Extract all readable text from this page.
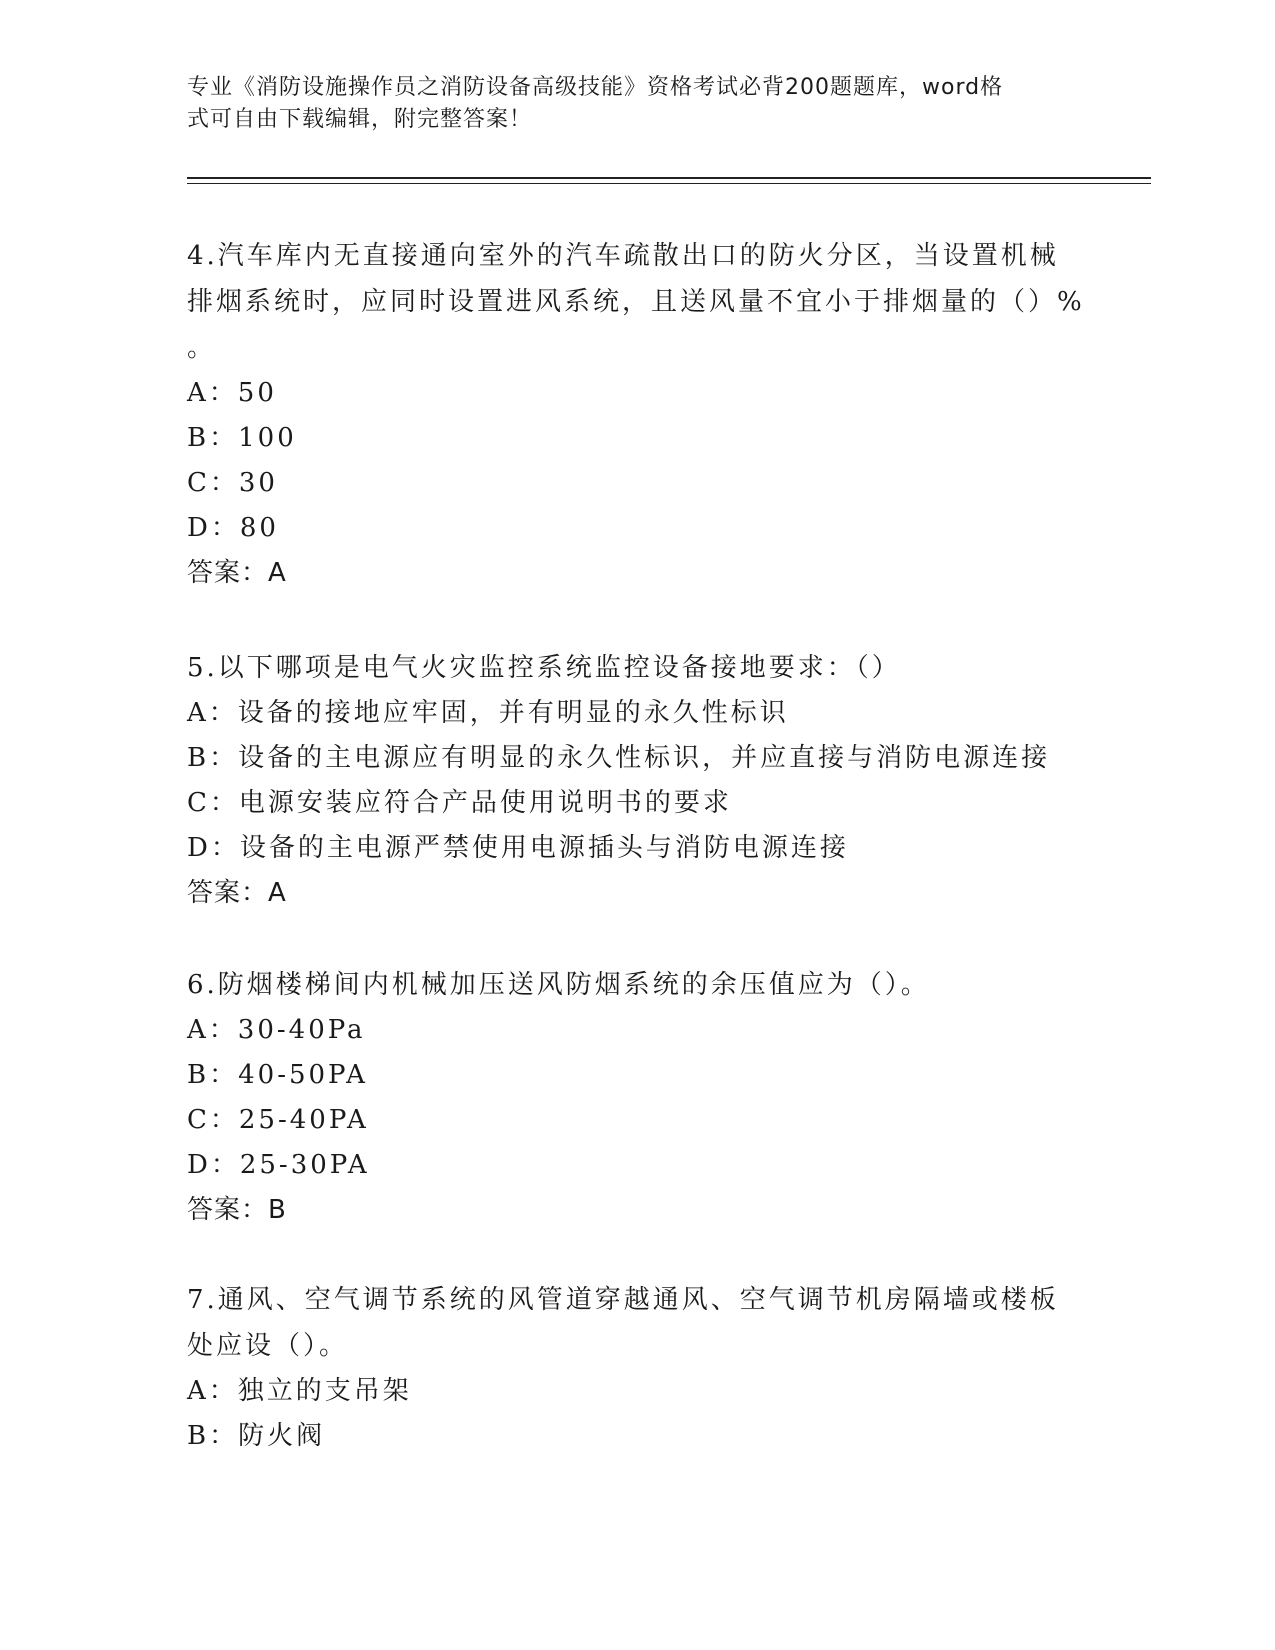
专业《消防设施操作员之消防设备高级技能》资格考试必背200题题库，word格
式可自由下载编辑，附完整答案！
4.汽车库内无直接通向室外的汽车疏散出口的防火分区，当设置机械
排烟系统时，应同时设置进风系统，且送风量不宜小于排烟量的（）%
。
A：50
B：100
C：30
D：80
答案：A
5.以下哪项是电气火灾监控系统监控设备接地要求：（）
A：设备的接地应牢固，并有明显的永久性标识
B：设备的主电源应有明显的永久性标识，并应直接与消防电源连接
C：电源安装应符合产品使用说明书的要求
D：设备的主电源严禁使用电源插头与消防电源连接
答案：A
6.防烟楼梯间内机械加压送风防烟系统的余压值应为（）。
A：30-40Pa
B：40-50PA
C：25-40PA
D：25-30PA
答案：B
7.通风、空气调节系统的风管道穿越通风、空气调节机房隔墙或楼板
处应设（）。
A：独立的支吊架
B：防火阀
